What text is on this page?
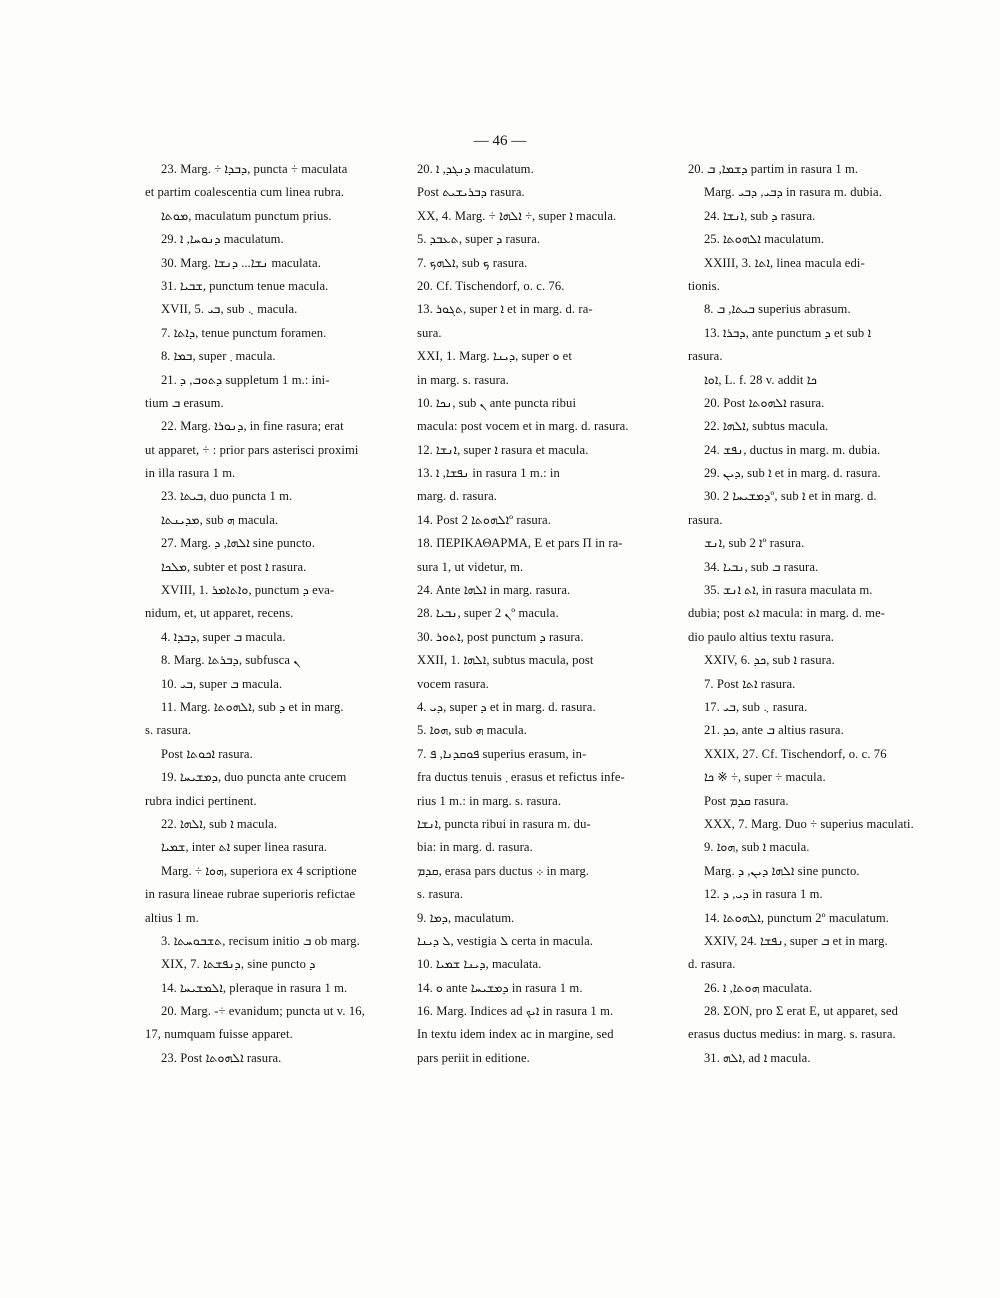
— 46 —
23. Marg. ÷ ܕܒܕܐ, puncta ÷ maculata
et partim coalescentia cum linea rubra.
ܡܘܬܐ, maculatum punctum prius.
29. ܕܢܘܚܐ, ܐ maculatum.
30. Marg. ܢܫܐ... ܕܢܫܐ maculata.
31. ܫܒܝܐ, punctum tenue macula.
XVII, 5. ܒܝ, sub ܆ macula.
7. ܕܐܬܐ, tenue punctum foramen.
8. ܒܡܐ, super ܂ macula.
21. ܕܬܘܒ, ܕ suppletum 1 m.: ini-
tium ܒ erasum.
22. Marg. ܕܢܘܪܐ, in fine rasura; erat
ut apparet, ÷ : prior pars asterisci proximi
in illa rasura 1 m.
23. ܒܝܬܐ, duo puncta 1 m.
ܡܕܝܢܬܐ, sub ܗ macula.
27. Marg. ܐܠܗܐ, ܕ sine puncto.
ܡܠܟܐ, subter et post ܐ rasura.
XVIII, 1. ܘܐܬܐܡܪ, punctum ܕ eva-
nidum, et, ut apparet, recens.
4. ܕܒܕܐ, super ܒ macula.
8. Marg. ܕܒܪܬܐ, subfusca ܢ
10. ܒܝ, super ܒ macula.
11. Marg. ܐܠܗܘܬܐ, sub ܕ et in marg.
s. rasura.
Post ܐܟܘܬܐ rasura.
19. ܕܡܫܝܚܐ, duo puncta ante crucem
rubra indici pertinent.
22. ܐܠܗܐ, sub ܐ macula.
ܫܡܝܐ, inter ܐܬ super linea rasura.
Marg. ÷ ܗܘܐ, superiora ex 4 scriptione
in rasura lineae rubrae superioris refictae
altius 1 m.
3. ܬܫܒܘܚܬܐ, recisum initio ܒ ob marg.
XIX, 7. ܕܢܦܫܬܐ, sine puncto ܕ
14. ܐܠܡܫܝܚܐ, pleraque in rasura 1 m.
20. Marg. -÷ evanidum; puncta ut v. 16,
17, numquam fuisse apparet.
23. Post ܐܠܗܘܬܐ rasura.
20. ܕܢܓܕ, ܐ maculatum.
Post ܕܒܪܝܫܝܬ rasura.
XX, 4. Marg. ÷ ܐܠܗܐ ÷, super ܐ macula.
5. ܬܥܒܕ, super ܕ rasura.
7. ܐܠܗܟ, sub ܟ rasura.
20. Cf. Tischendorf, o. c. 76.
13. ܬܓܘܪ, super ܐ et in marg. d. ra-
sura.
XXI, 1. Marg. ܕܝܢܐ, super ܘ et
in marg. s. rasura.
10. ܢܟܐ, sub ܢ ante puncta ribui
macula: post vocem et in marg. d. rasura.
12. ܐܢܫܐ, super ܐ rasura et macula.
13. ܢܦܫܐ, ܐ in rasura 1 m.: in
marg. d. rasura.
14. Post ܐܠܗܘܬܐ 2º rasura.
18. ΠΕΡΙΚΑΘΑΡΜΑ, Ε et pars Π in ra-
sura 1, ut videtur, m.
24. Ante ܐܠܗܐ in marg. rasura.
28. ܢܒܝܐ, super ܢ 2º macula.
30. ܐܬܘܪ, post punctum ܕ rasura.
XXII, 1. ܐܠܗܐ, subtus macula, post
vocem rasura.
4. ܕܝ, super ܕ et in marg. d. rasura.
5. ܗܘܐ, sub ܗ macula.
7. ܦܘܩܕܢܐ, ܦ superius erasum, in-
fra ductus tenuis ܂ erasus et refictus infe-
rius 1 m.: in marg. s. rasura.
ܐܢܫܐ, puncta ribui in rasura m. du-
bia: in marg. d. rasura.
ܩܕܡ, erasa pars ductus ܀ in marg.
s. rasura.
9. ܕܡܐ, maculatum.
ܠ ܕܝܢܐ, vestigia ܠ certa in macula.
10. ܕܝܢܐ ܫܡܝܐ, maculata.
14. ܘ ante ܕܡܫܝܚܐ in rasura 1 m.
16. Marg. Indices ad ܐܝܟ in rasura 1 m.
In textu idem index ac in margine, sed
pars periit in editione.
20. ܕܫܡܐ, ܒ partim in rasura 1 m.
Marg. ܕܒܝ, ܕܒܝ in rasura m. dubia.
24. ܐܢܫܐ, sub ܕ rasura.
25. ܐܠܗܘܬܐ maculatum.
XXIII, 3. ܐܬܐ, linea macula edi-
tionis.
8. ܒܝܬܐ, ܒ superius abrasum.
13. ܕܒܪܐ, ante punctum ܕ et sub ܐ
rasura.
ܐܘܐ, L. f. 28 v. addit ܟܐ
20. Post ܐܠܗܘܬܐ rasura.
22. ܐܠܗܐ, subtus macula.
24. ܢܦܫ, ductus in marg. m. dubia.
29. ܕܝܢ, sub ܐ et in marg. d. rasura.
30. ܕܡܫܝܚܐ 2º, sub ܐ et in marg. d.
rasura.
ܐܢܫ, sub ܐ 2º rasura.
34. ܢܒܝܐ, sub ܒ rasura.
35. ܐܬ ܐܢܫ, in rasura maculata m.
dubia; post ܐܬ macula: in marg. d. me-
dio paulo altius textu rasura.
XXIV, 6. ܟܕ, sub ܐ rasura.
7. Post ܐܬܐ rasura.
17. ܒܝ, sub ܆ rasura.
21. ܟܕ, ante ܒ altius rasura.
XXIX, 27. Cf. Tischendorf, o. c. 76
ܟܐ ※ ÷, super ÷ macula.
Post ܩܕܡ rasura.
XXX, 7. Marg. Duo ÷ superius maculati.
9. ܗܘܐ, sub ܐ macula.
Marg. ܐܠܗܐ ܕܝܢ, ܕ sine puncto.
12. ܕܝ, ܕ in rasura 1 m.
14. ܐܠܗܘܬܐ, punctum 2º maculatum.
XXIV, 24. ܢܦܫܐ, super ܒ et in marg.
d. rasura.
26. ܗܘܬܐ, ܐ maculata.
28. ΣΟΝ, pro Σ erat Ε, ut apparet, sed
erasus ductus medius: in marg. s. rasura.
31. ܐܠܗ, ad ܐ macula.
